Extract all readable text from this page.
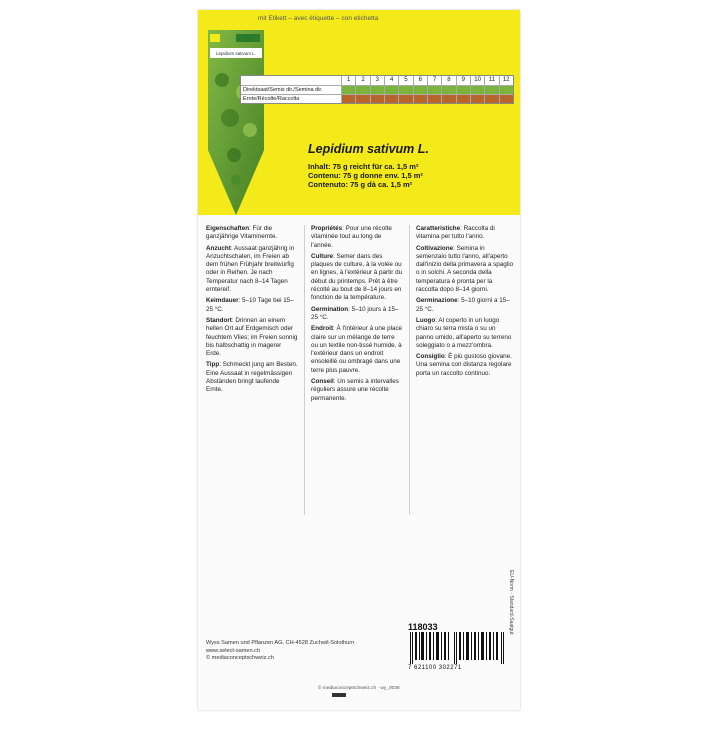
mit Etikett – avec étiquette – con etichetta
Lepidium sativum L.
1	2	3	4	5	6	7	8	9	10	11	12
Direktsaat/Semis dir./Semina dir.
Ernte/Récolte/Raccolta
Lepidium sativum L.
Inhalt: 75 g reicht für ca. 1,5 m²
Contenu: 75 g donne env. 1,5 m²
Contenuto: 75 g dà ca. 1,5 m²

Eigenschaften: Für die ganzjährige Vitaminernte.

Anzucht: Aussaat ganzjährig in Anzuchtschalen, im Freien ab dem frühen Frühjahr breitwürfig oder in Reihen. Je nach Temperatur nach 8–14 Tagen erntereif.

Keimdauer: 5–10 Tage bei 15–25 °C.

Standort: Drinnen an einem hellen Ort auf Erdgemisch oder feuchtem Vlies; im Freien sonnig bis halbschattig in magerer Erde.

Tipp: Schmeckt jung am Besten. Eine Aussaat in regelmässigen Abständen bringt laufende Ernte.

Propriétés: Pour une récolte vitaminée tout au long de l'année.

Culture: Semer dans des plaques de culture, à la volée ou en lignes, à l'extérieur à partir du début du printemps. Prêt à être récolté au bout de 8–14 jours en fonction de la température.

Germination: 5–10 jours à 15–25 °C.

Endroit: À l'intérieur à une place claire sur un mélange de terre ou un textile non-tissé humide, à l'extérieur dans un endroit ensoleillé ou ombragé dans une terre plus pauvre.

Conseil: Un semis à intervalles réguliers assure une récolte permanente.

Caratteristiche: Raccolta di vitamina per tutto l'anno.

Coltivazione: Semina in semenzaio tutto l'anno, all'aperto dall'inizio della primavera a spaglio o in solchi. A seconda della temperatura è pronta per la raccolta dopo 8–14 giorni.

Germinazione: 5–10 giorni a 15–25 °C.

Luogo: Al coperto in un luogo chiaro su terra mista o su un panno umido, all'aperto su terreno soleggiato o a mezz'ombra.

Consiglio: È più gustoso giovane. Una semina con distanza regolare porta un raccolto continuo.

118033
Wyss Samen und Pflanzen AG, CH-4528 Zuchwil-Solothurn
www.select-samen.ch
© mediaconceptschweiz.ch
7 621100 302271
© mediaconceptschweiz.ch · wy_0036
EU-Norm · Standard-Saatgut
